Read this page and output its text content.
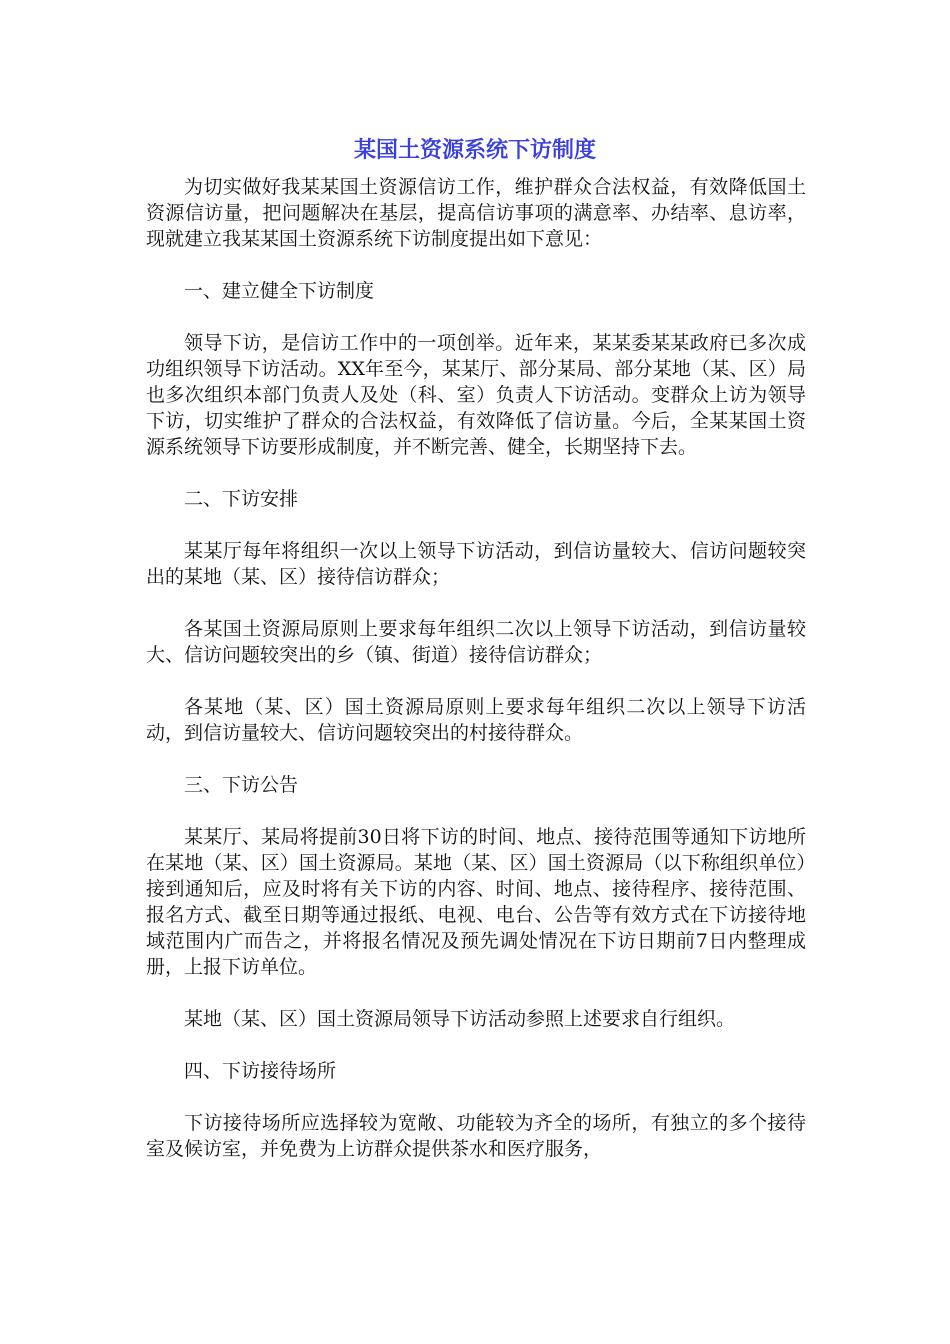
某国土资源系统下访制度

为切实做好我某某国土资源信访工作，维护群众合法权益，有效降低国土资源信访量，把问题解决在基层，提高信访事项的满意率、办结率、息访率，现就建立我某某国土资源系统下访制度提出如下意见：

一、建立健全下访制度

领导下访，是信访工作中的一项创举。近年来，某某委某某政府已多次成功组织领导下访活动。XX年至今，某某厅、部分某局、部分某地（某、区）局也多次组织本部门负责人及处（科、室）负责人下访活动。变群众上访为领导下访，切实维护了群众的合法权益，有效降低了信访量。今后，全某某国土资源系统领导下访要形成制度，并不断完善、健全，长期坚持下去。

二、下访安排

某某厅每年将组织一次以上领导下访活动，到信访量较大、信访问题较突出的某地（某、区）接待信访群众；

各某国土资源局原则上要求每年组织二次以上领导下访活动，到信访量较大、信访问题较突出的乡（镇、街道）接待信访群众；

各某地（某、区）国土资源局原则上要求每年组织二次以上领导下访活动，到信访量较大、信访问题较突出的村接待群众。

三、下访公告

某某厅、某局将提前30日将下访的时间、地点、接待范围等通知下访地所在某地（某、区）国土资源局。某地（某、区）国土资源局（以下称组织单位）接到通知后，应及时将有关下访的内容、时间、地点、接待程序、接待范围、报名方式、截至日期等通过报纸、电视、电台、公告等有效方式在下访接待地域范围内广而告之，并将报名情况及预先调处情况在下访日期前7日内整理成册，上报下访单位。

某地（某、区）国土资源局领导下访活动参照上述要求自行组织。

四、下访接待场所

下访接待场所应选择较为宽敞、功能较为齐全的场所，有独立的多个接待室及候访室，并免费为上访群众提供茶水和医疗服务，
